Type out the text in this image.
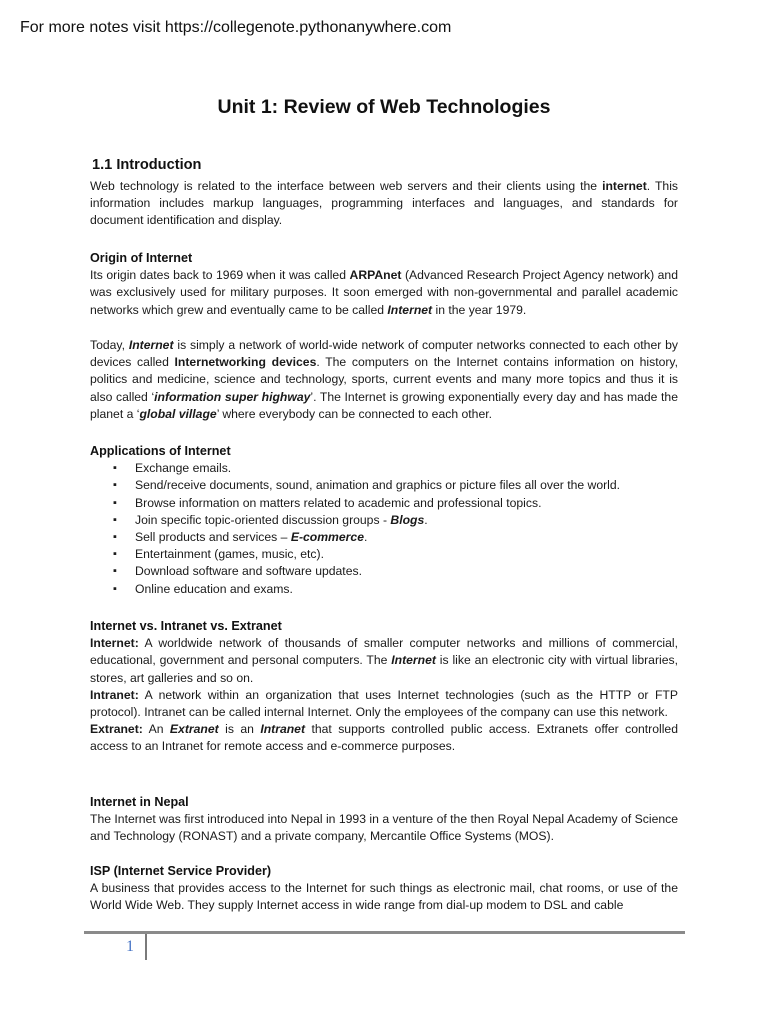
For more notes visit https://collegenote.pythonanywhere.com
Unit 1: Review of Web Technologies
1.1 Introduction

Web technology is related to the interface between web servers and their clients using the internet. This information includes markup languages, programming interfaces and languages, and standards for document identification and display.

Origin of Internet

Its origin dates back to 1969 when it was called ARPAnet (Advanced Research Project Agency network) and was exclusively used for military purposes. It soon emerged with non-governmental and parallel academic networks which grew and eventually came to be called Internet in the year 1979.

Today, Internet is simply a network of world-wide network of computer networks connected to each other by devices called Internetworking devices. The computers on the Internet contains information on history, politics and medicine, science and technology, sports, current events and many more topics and thus it is also called ‘information super highway’. The Internet is growing exponentially every day and has made the planet a ‘global village’ where everybody can be connected to each other.

Applications of Internet

▪ Exchange emails.
▪ Send/receive documents, sound, animation and graphics or picture files all over the world.
▪ Browse information on matters related to academic and professional topics.
▪ Join specific topic-oriented discussion groups - Blogs.
▪ Sell products and services – E-commerce.
▪ Entertainment (games, music, etc).
▪ Download software and software updates.
▪ Online education and exams.

Internet vs. Intranet vs. Extranet

Internet: A worldwide network of thousands of smaller computer networks and millions of commercial, educational, government and personal computers. The Internet is like an electronic city with virtual libraries, stores, art galleries and so on.

Intranet: A network within an organization that uses Internet technologies (such as the HTTP or FTP protocol). Intranet can be called internal Internet. Only the employees of the company can use this network.

Extranet: An Extranet is an Intranet that supports controlled public access. Extranets offer controlled access to an Intranet for remote access and e-commerce purposes.

Internet in Nepal

The Internet was first introduced into Nepal in 1993 in a venture of the then Royal Nepal Academy of Science and Technology (RONAST) and a private company, Mercantile Office Systems (MOS).

ISP (Internet Service Provider)

A business that provides access to the Internet for such things as electronic mail, chat rooms, or use of the World Wide Web. They supply Internet access in wide range from dial-up modem to DSL and cable

1
